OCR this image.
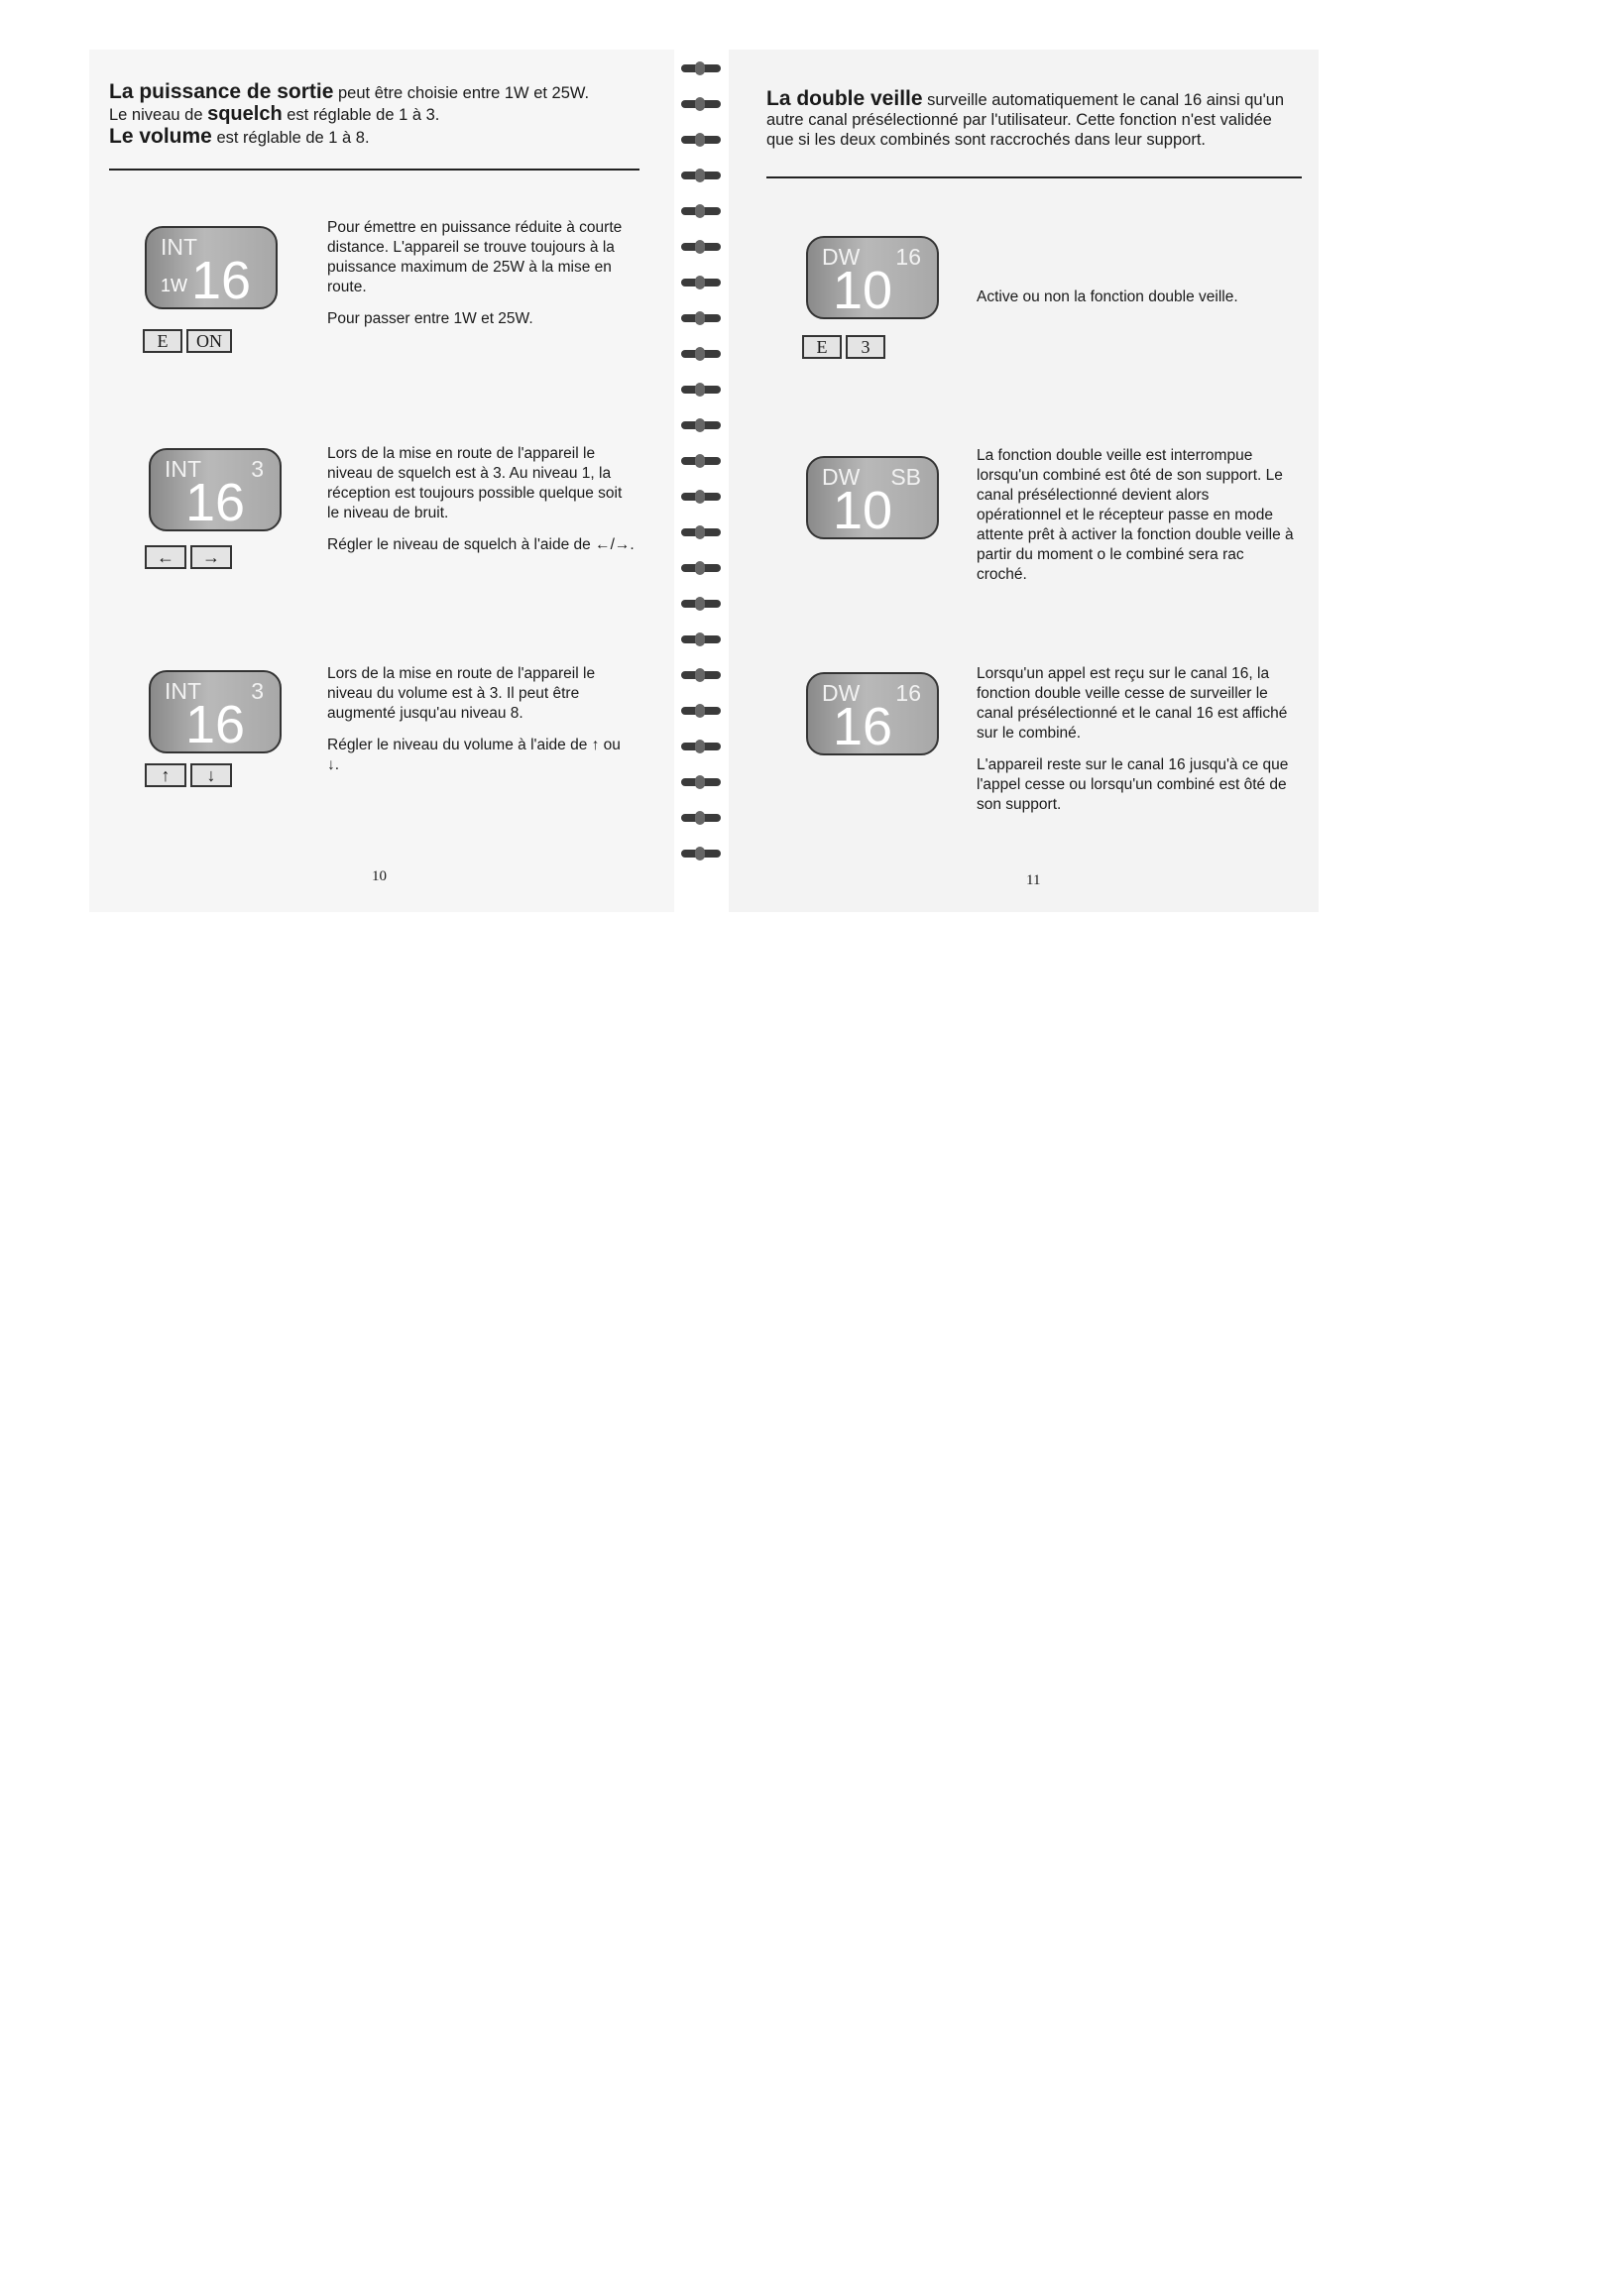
La puissance de sortie peut être choisie entre 1W et 25W.
Le niveau de squelch est réglable de 1 à 3.
Le volume est réglable de 1 à 8.
INT
1W 16
E	ON

Pour émettre en puissance réduite à courte distance. L'appareil se trouve toujours à la puissance maximum de 25W à la mise en route.

Pour passer entre 1W et 25W.

INT 3
16
←	→

Lors de la mise en route de l'appareil le niveau de squelch est à 3. Au niveau 1, la réception est toujours possible quelque soit le niveau de bruit.

Régler le niveau de squelch à l'aide de ←/→.

INT 3
16
↑	↓

Lors de la mise en route de l'appareil le niveau du volume est à 3. Il peut être augmenté jusqu'au niveau 8.

Régler le niveau du volume à l'aide de ↑ ou ↓.

10
La double veille surveille automatiquement le canal 16 ainsi qu'un autre canal présélectionné par l'utilisateur. Cette fonction n'est validée que si les deux combinés sont raccrochés dans leur support.
DW 16
10
E	3

Active ou non la fonction double veille.

DW SB
10

La fonction double veille est interrompue lorsqu'un combiné est ôté de son support. Le canal présélectionné devient alors opérationnel et le récepteur passe en mode attente prêt à activer la fonction double veille à partir du moment o le combiné sera rac croché.

DW 16
16

Lorsqu'un appel est reçu sur le canal 16, la fonction double veille cesse de surveiller le canal présélectionné et le canal 16 est affiché sur le combiné.

L'appareil reste sur le canal 16 jusqu'à ce que l'appel cesse ou lorsqu'un combiné est ôté de son support.

11
